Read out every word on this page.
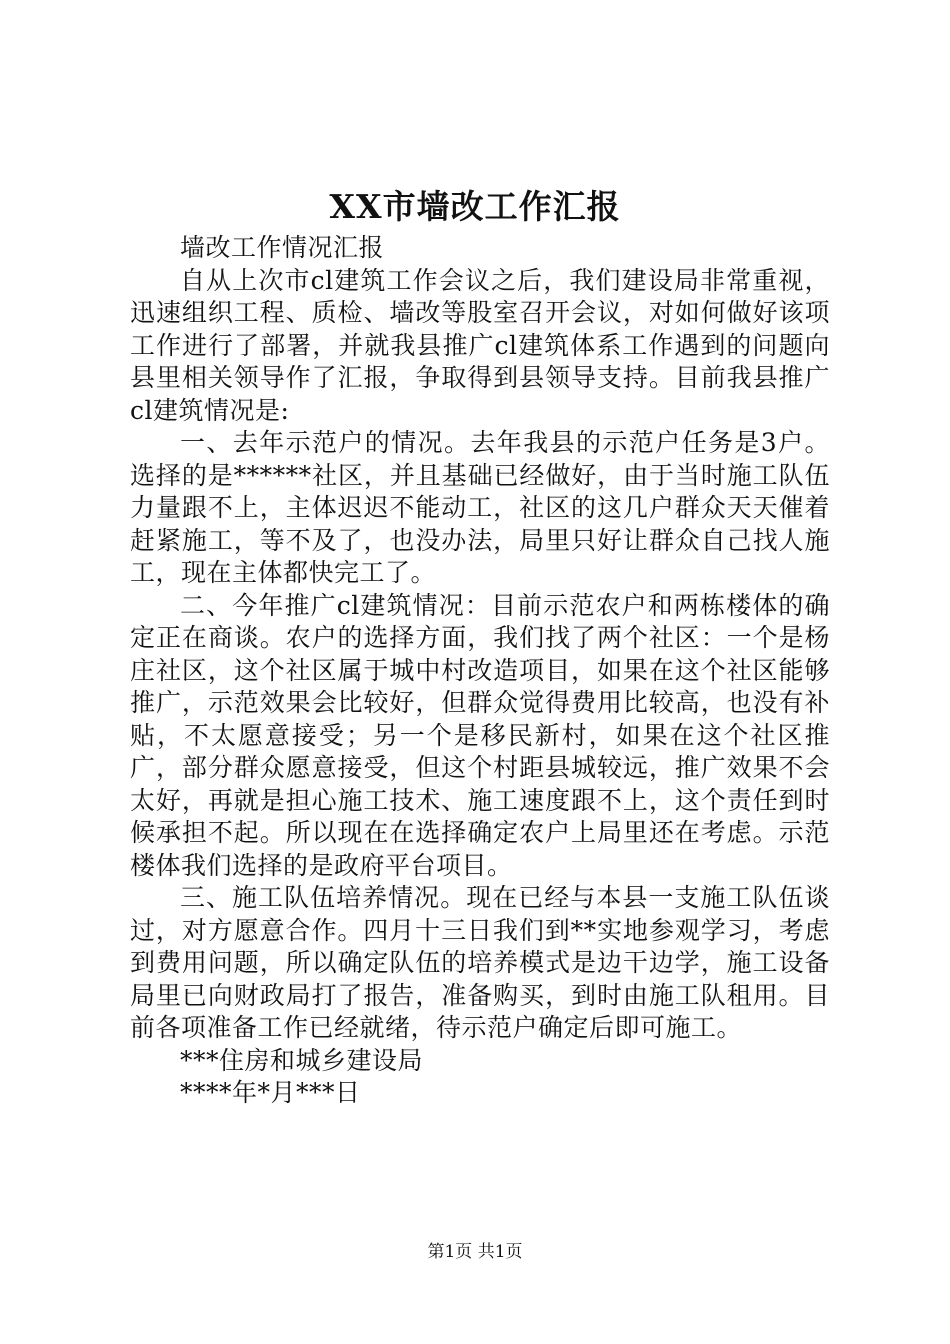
XX市墙改工作汇报

墙改工作情况汇报

自从上次市cl建筑工作会议之后，我们建设局非常重视，迅速组织工程、质检、墙改等股室召开会议，对如何做好该项工作进行了部署，并就我县推广cl建筑体系工作遇到的问题向县里相关领导作了汇报，争取得到县领导支持。目前我县推广cl建筑情况是:

一、去年示范户的情况。去年我县的示范户任务是3户。选择的是******社区，并且基础已经做好，由于当时施工队伍力量跟不上，主体迟迟不能动工，社区的这几户群众天天催着赶紧施工，等不及了，也没办法，局里只好让群众自己找人施工，现在主体都快完工了。

二、今年推广cl建筑情况：目前示范农户和两栋楼体的确定正在商谈。农户的选择方面，我们找了两个社区：一个是杨庄社区，这个社区属于城中村改造项目，如果在这个社区能够推广，示范效果会比较好，但群众觉得费用比较高，也没有补贴，不太愿意接受；另一个是移民新村，如果在这个社区推广，部分群众愿意接受，但这个村距县城较远，推广效果不会太好，再就是担心施工技术、施工速度跟不上，这个责任到时候承担不起。所以现在在选择确定农户上局里还在考虑。示范楼体我们选择的是政府平台项目。

三、施工队伍培养情况。现在已经与本县一支施工队伍谈过，对方愿意合作。四月十三日我们到**实地参观学习，考虑到费用问题，所以确定队伍的培养模式是边干边学，施工设备局里已向财政局打了报告，准备购买，到时由施工队租用。目前各项准备工作已经就绪，待示范户确定后即可施工。

***住房和城乡建设局

****年*月***日

第1页 共1页
